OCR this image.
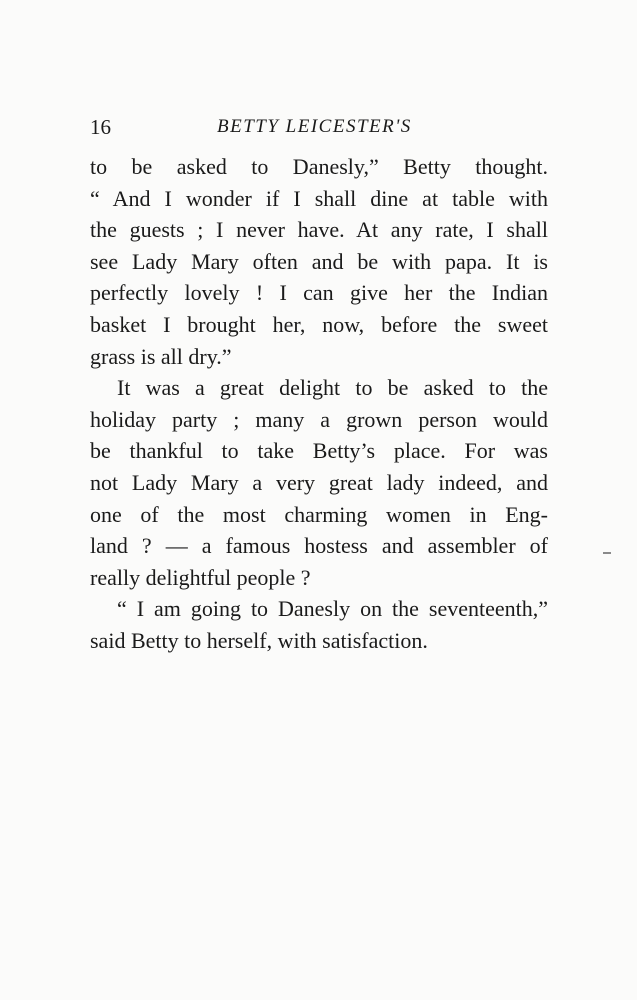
16	BETTY LEICESTER'S
to be asked to Danesly,” Betty thought.
“ And I wonder if I shall dine at table with
the guests ; I never have. At any rate, I shall
see Lady Mary often and be with papa. It is
perfectly lovely ! I can give her the Indian
basket I brought her, now, before the sweet
grass is all dry.”
It was a great delight to be asked to the
holiday party ; many a grown person would
be thankful to take Betty’s place. For was
not Lady Mary a very great lady indeed, and
one of the most charming women in Eng-
land ? — a famous hostess and assembler of
really delightful people ?
“ I am going to Danesly on the seventeenth,”
said Betty to herself, with satisfaction.
